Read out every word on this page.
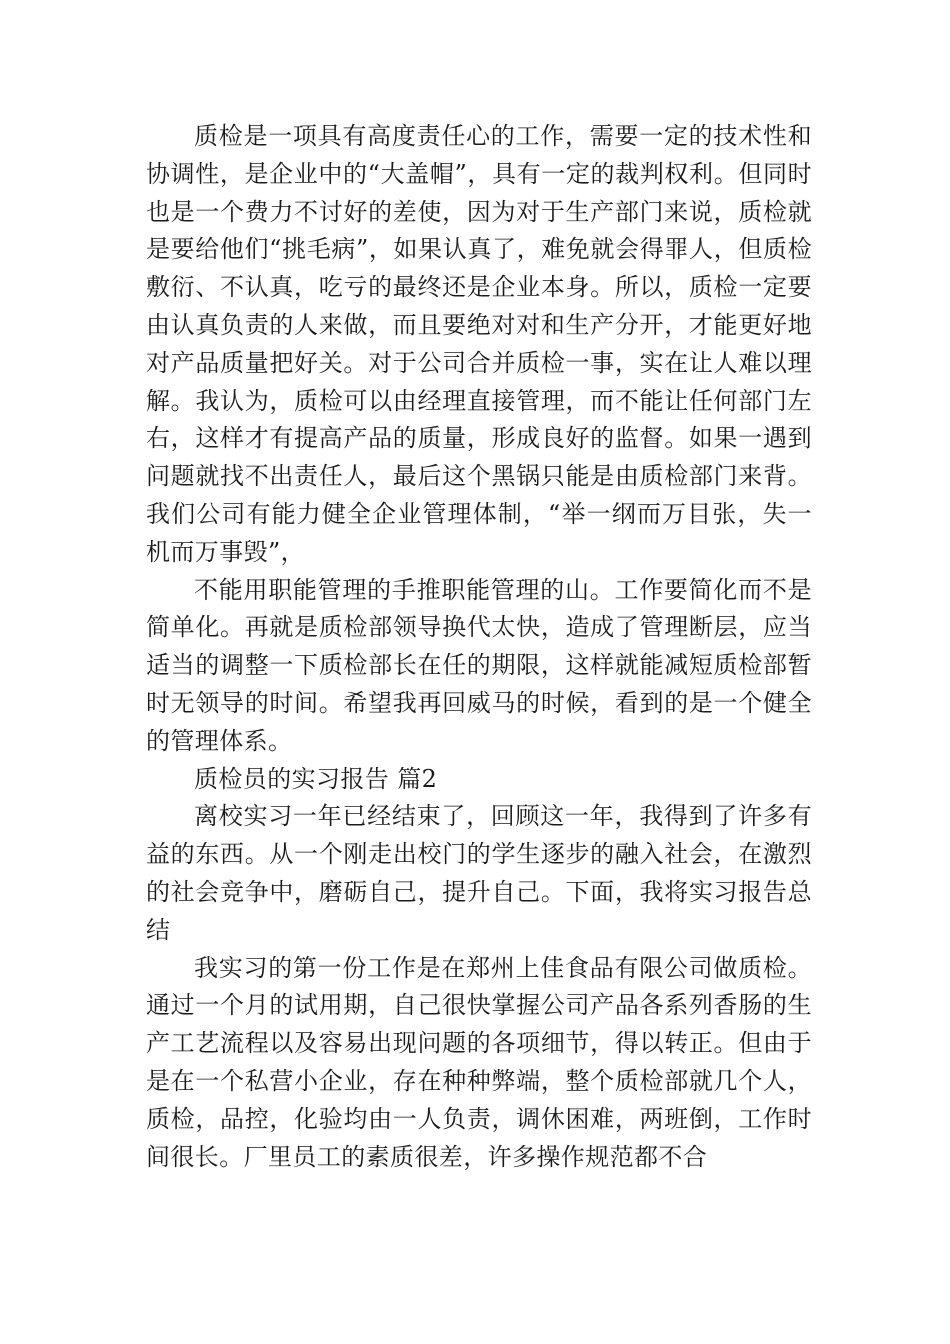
质检是一项具有高度责任心的工作，需要一定的技术性和协调性，是企业中的“大盖帽”，具有一定的裁判权利。但同时也是一个费力不讨好的差使，因为对于生产部门来说，质检就是要给他们“挑毛病”，如果认真了，难免就会得罪人，但质检敷衍、不认真，吃亏的最终还是企业本身。所以，质检一定要由认真负责的人来做，而且要绝对对和生产分开，才能更好地对产品质量把好关。对于公司合并质检一事，实在让人难以理解。我认为，质检可以由经理直接管理，而不能让任何部门左右，这样才有提高产品的质量，形成良好的监督。如果一遇到问题就找不出责任人，最后这个黑锅只能是由质检部门来背。我们公司有能力健全企业管理体制，“举一纲而万目张，失一机而万事毁”，

不能用职能管理的手推职能管理的山。工作要简化而不是简单化。再就是质检部领导换代太快，造成了管理断层，应当适当的调整一下质检部长在任的期限，这样就能减短质检部暂时无领导的时间。希望我再回威马的时候，看到的是一个健全的管理体系。

质检员的实习报告 篇2

离校实习一年已经结束了，回顾这一年，我得到了许多有益的东西。从一个刚走出校门的学生逐步的融入社会，在激烈的社会竞争中，磨砺自己，提升自己。下面，我将实习报告总结

我实习的第一份工作是在郑州上佳食品有限公司做质检。通过一个月的试用期，自己很快掌握公司产品各系列香肠的生产工艺流程以及容易出现问题的各项细节，得以转正。但由于是在一个私营小企业，存在种种弊端，整个质检部就几个人，质检，品控，化验均由一人负责，调休困难，两班倒，工作时间很长。厂里员工的素质很差，许多操作规范都不合
